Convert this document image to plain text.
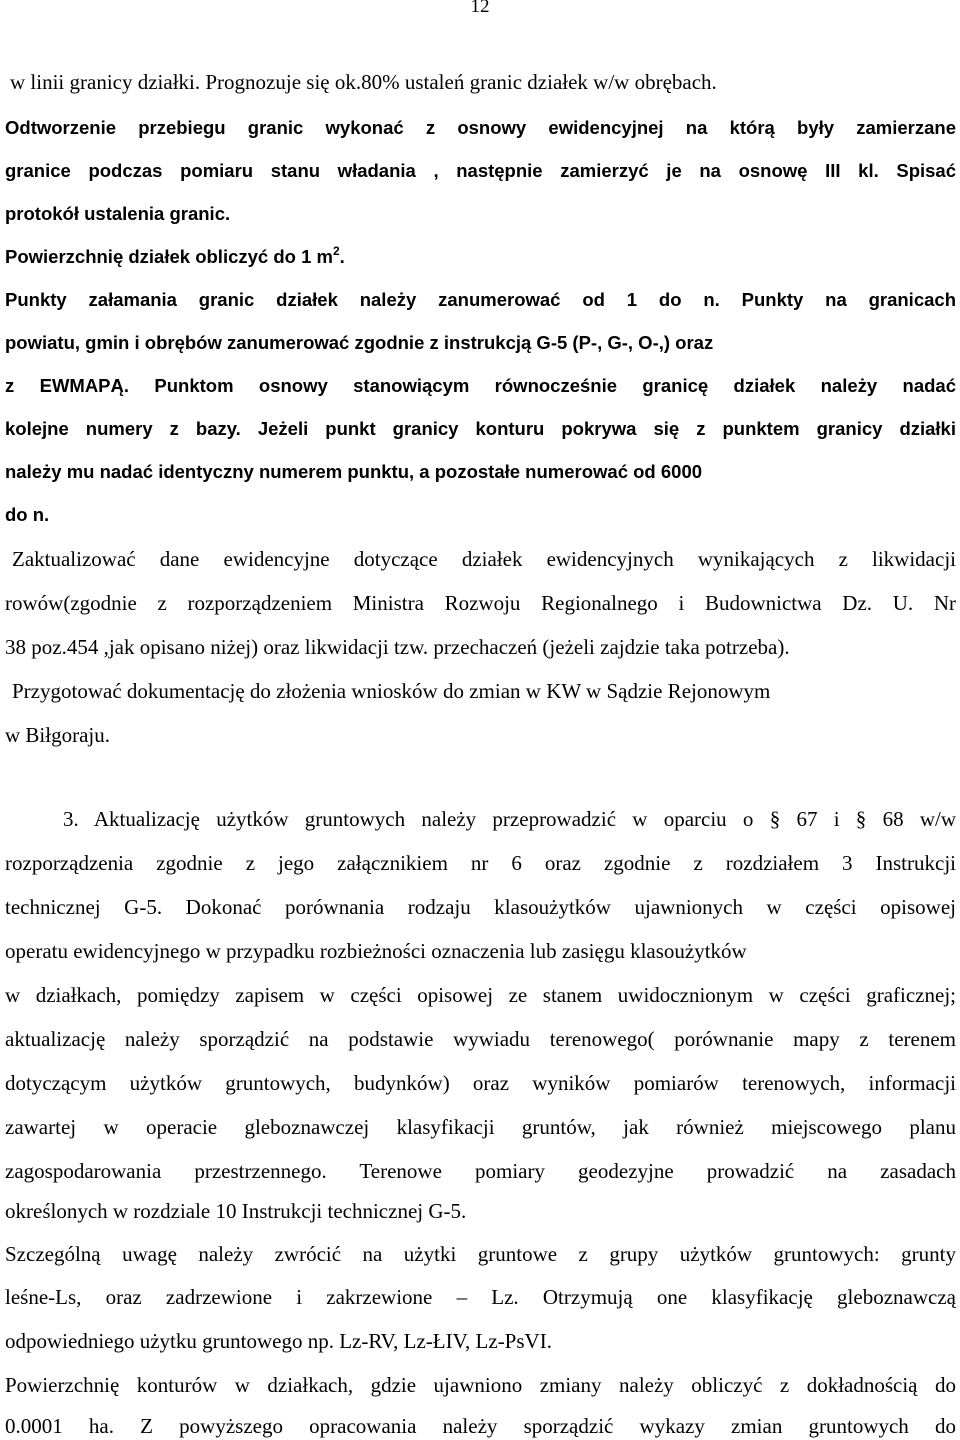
12
w linii granicy działki. Prognozuje się ok.80% ustaleń granic działek w/w obrębach.
Odtworzenie przebiegu granic wykonać z osnowy ewidencyjnej na którą były zamierzane
granice podczas pomiaru stanu władania , następnie zamierzyć je na osnowę III kl. Spisać
protokół ustalenia granic.
Powierzchnię działek obliczyć do 1 $m^2$.
Punkty załamania granic działek należy zanumerować od 1 do n. Punkty na granicach
powiatu, gmin i obrębów zanumerować zgodnie z instrukcją G-5 (P-, G-, O-,) oraz
z EWMAPĄ. Punktom osnowy stanowiącym równocześnie granicę działek należy nadać
kolejne numery z bazy. Jeżeli punkt granicy konturu pokrywa się z punktem granicy działki
należy mu nadać identyczny numerem punktu, a pozostałe numerować od 6000
do n.
Zaktualizować dane ewidencyjne dotyczące działek ewidencyjnych wynikających z likwidacji
rowów(zgodnie z rozporządzeniem Ministra Rozwoju Regionalnego i Budownictwa Dz. U. Nr
38 poz.454 ,jak opisano niżej) oraz likwidacji tzw. przechaczeń (jeżeli zajdzie taka potrzeba).
Przygotować dokumentację do złożenia wniosków do zmian w KW w Sądzie Rejonowym
w Biłgoraju.
3. Aktualizację użytków gruntowych należy przeprowadzić w oparciu o § 67 i § 68 w/w
rozporządzenia zgodnie z jego załącznikiem nr 6 oraz zgodnie z rozdziałem 3 Instrukcji
technicznej G-5. Dokonać porównania rodzaju klasoużytków ujawnionych w części opisowej
operatu ewidencyjnego w przypadku rozbieżności oznaczenia lub zasięgu klasoużytków
w działkach, pomiędzy zapisem w części opisowej ze stanem uwidocznionym w części graficznej;
aktualizację należy sporządzić na podstawie wywiadu terenowego( porównanie mapy z terenem
dotyczącym użytków gruntowych, budynków) oraz wyników pomiarów terenowych, informacji
zawartej w operacie gleboznawczej klasyfikacji gruntów, jak również miejscowego planu
zagospodarowania przestrzennego. Terenowe pomiary geodezyjne prowadzić na zasadach
określonych w rozdziale 10 Instrukcji technicznej G-5.
Szczególną uwagę należy zwrócić na użytki gruntowe z grupy użytków gruntowych: grunty
leśne-Ls, oraz zadrzewione i zakrzewione – Lz. Otrzymują one klasyfikację gleboznawczą
odpowiedniego użytku gruntowego np. Lz-RV, Lz-ŁIV, Lz-PsVI.
Powierzchnię konturów w działkach, gdzie ujawniono zmiany należy obliczyć z dokładnością do
0.0001 ha. Z powyższego opracowania należy sporządzić wykazy zmian gruntowych do
